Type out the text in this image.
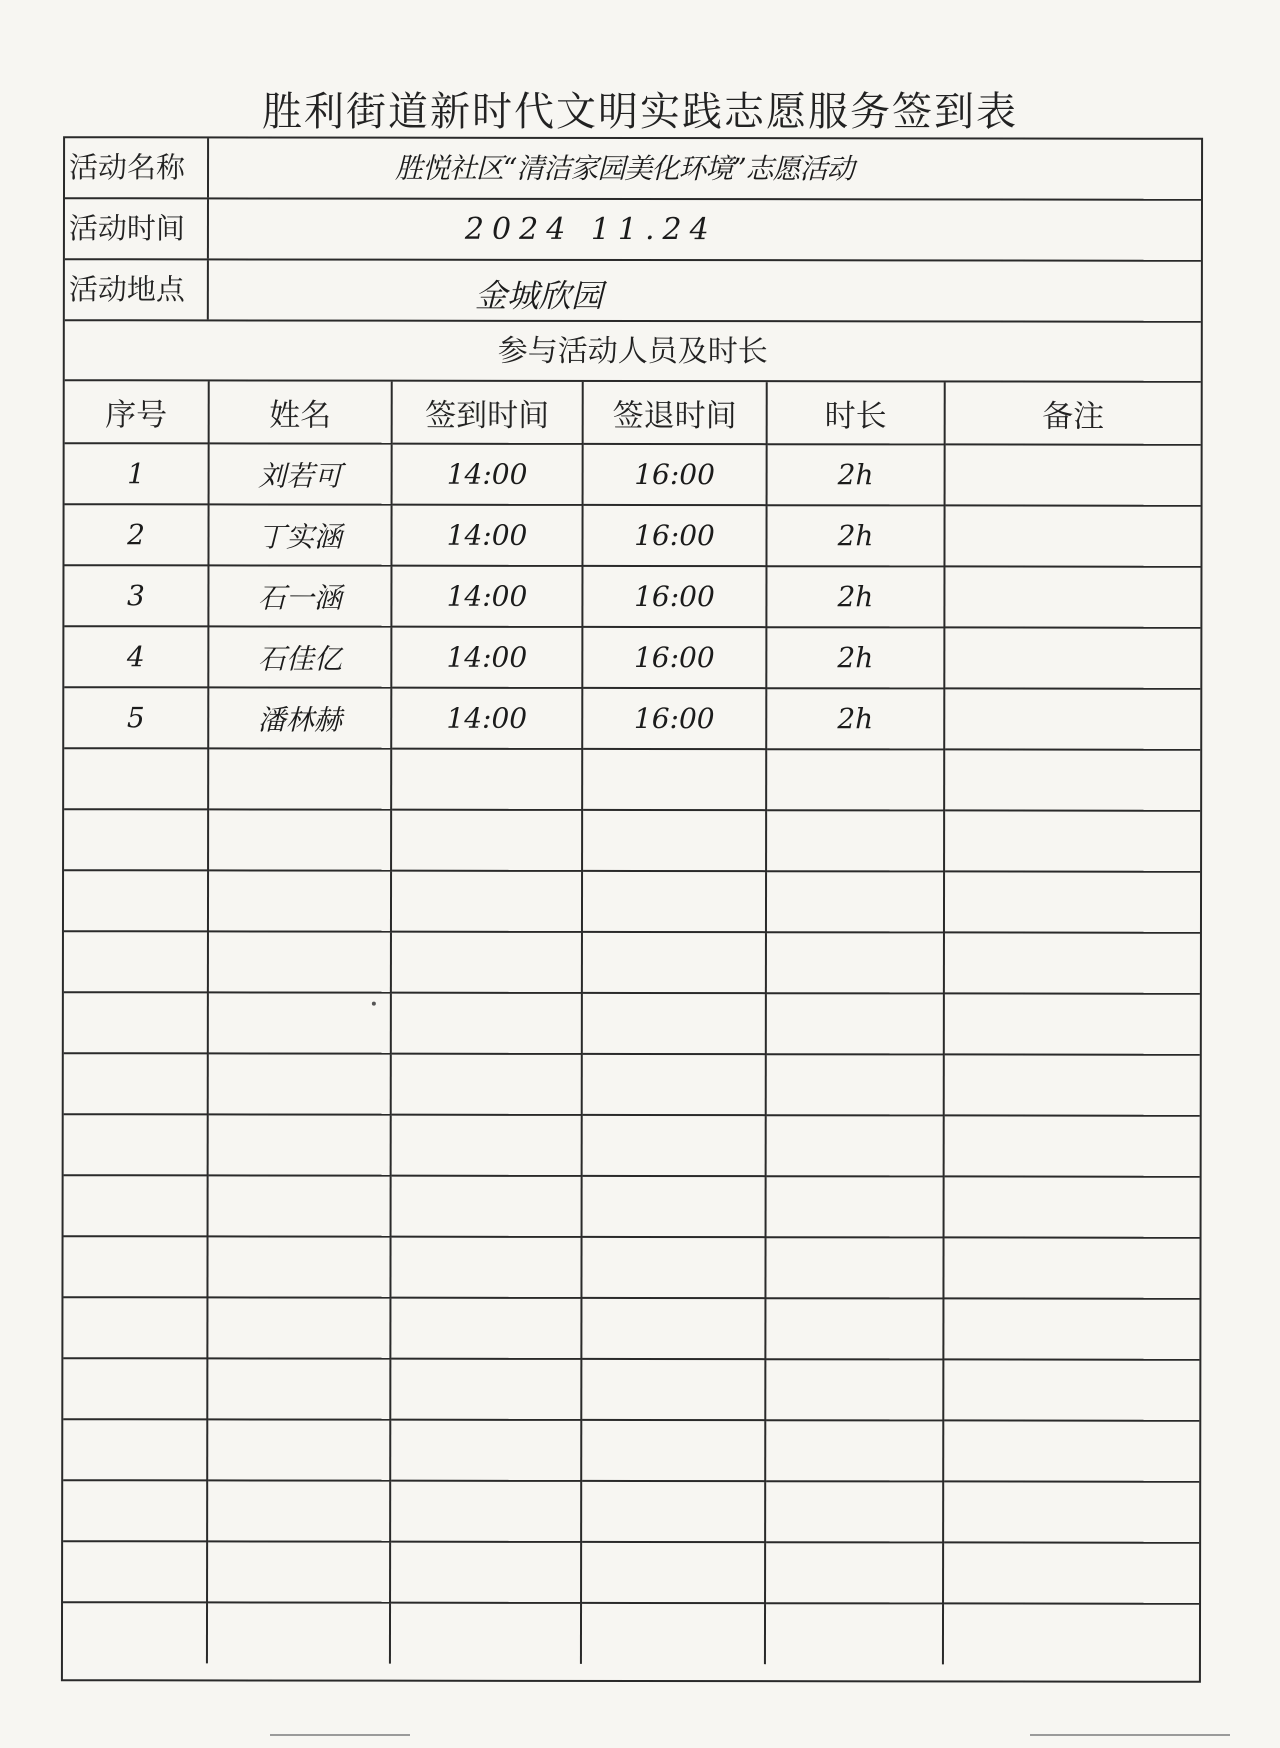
胜利街道新时代文明实践志愿服务签到表
活动名称	胜悦社区“清洁家园美化环境”志愿活动
活动时间	2024 11.24
活动地点	金城欣园
参与活动人员及时长
序号	姓名	签到时间	签退时间	时长	备注
1	刘若可	14:00	16:00	2h	
2	丁实涵	14:00	16:00	2h	
3	石一涵	14:00	16:00	2h	
4	石佳亿	14:00	16:00	2h	
5	潘林赫	14:00	16:00	2h	
